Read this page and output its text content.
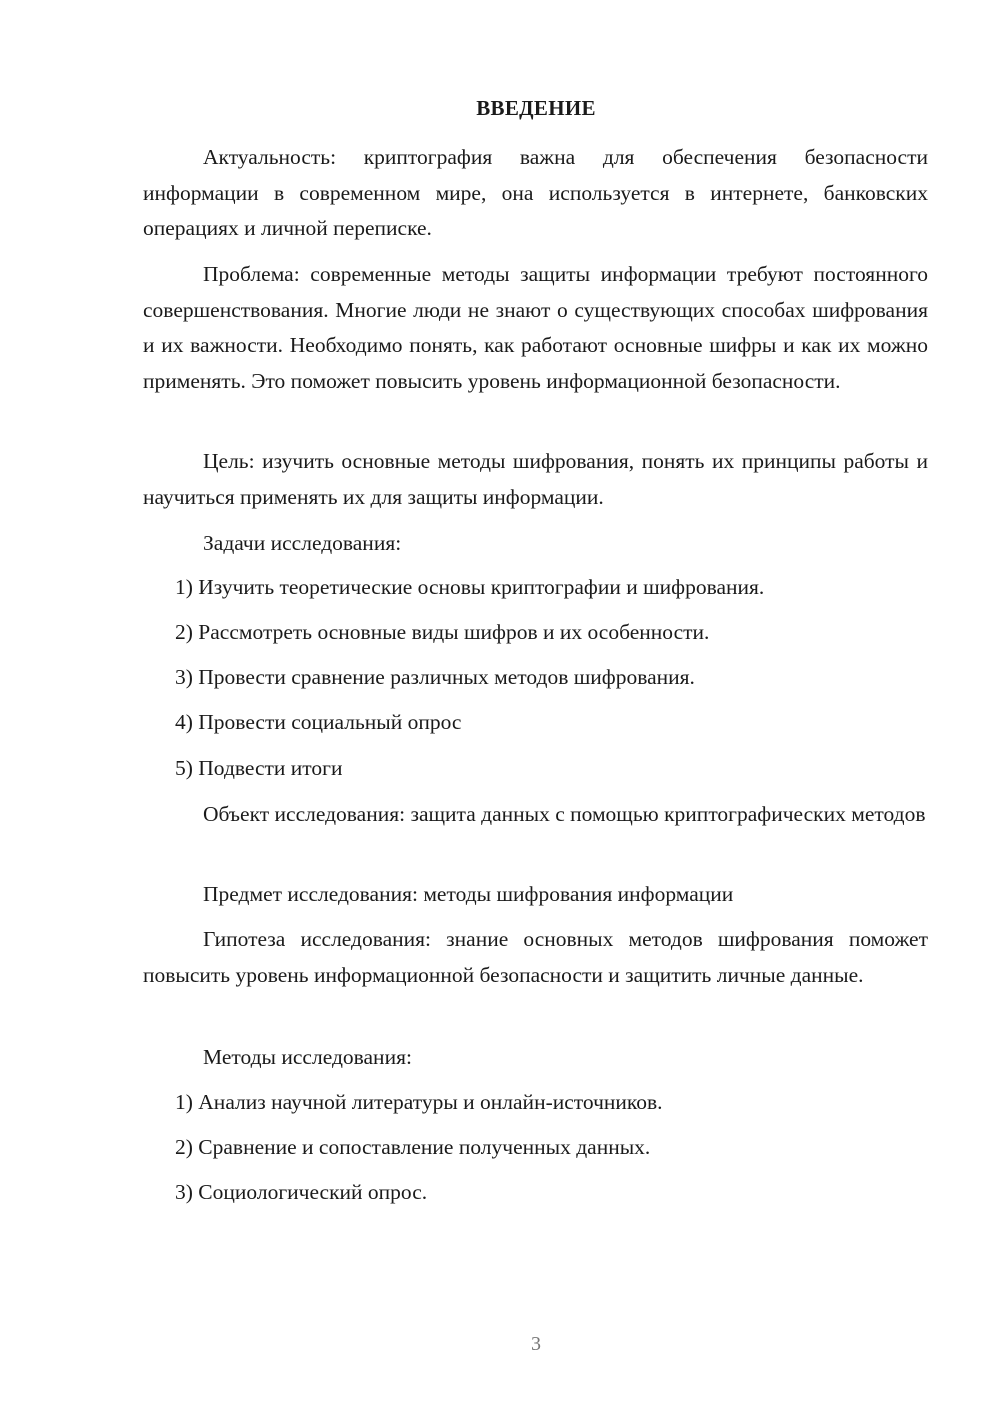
ВВЕДЕНИЕ

Актуальность: криптография важна для обеспечения безопасности информации в современном мире, она используется в интернете, банковских операциях и личной переписке.

Проблема: современные методы защиты информации требуют постоянного совершенствования. Многие люди не знают о существующих способах шифрования и их важности. Необходимо понять, как работают основные шифры и как их можно применять. Это поможет повысить уровень информационной безопасности.

Цель: изучить основные методы шифрования, понять их принципы работы и научиться применять их для защиты информации.

Задачи исследования:

1) Изучить теоретические основы криптографии и шифрования.
2) Рассмотреть основные виды шифров и их особенности.
3) Провести сравнение различных методов шифрования.
4) Провести социальный опрос
5) Подвести итоги

Объект исследования: защита данных с помощью криптографических методов

Предмет исследования: методы шифрования информации

Гипотеза исследования: знание основных методов шифрования поможет повысить уровень информационной безопасности и защитить личные данные.

Методы исследования:

1) Анализ научной литературы и онлайн-источников.
2) Сравнение и сопоставление полученных данных.
3) Социологический опрос.
3
